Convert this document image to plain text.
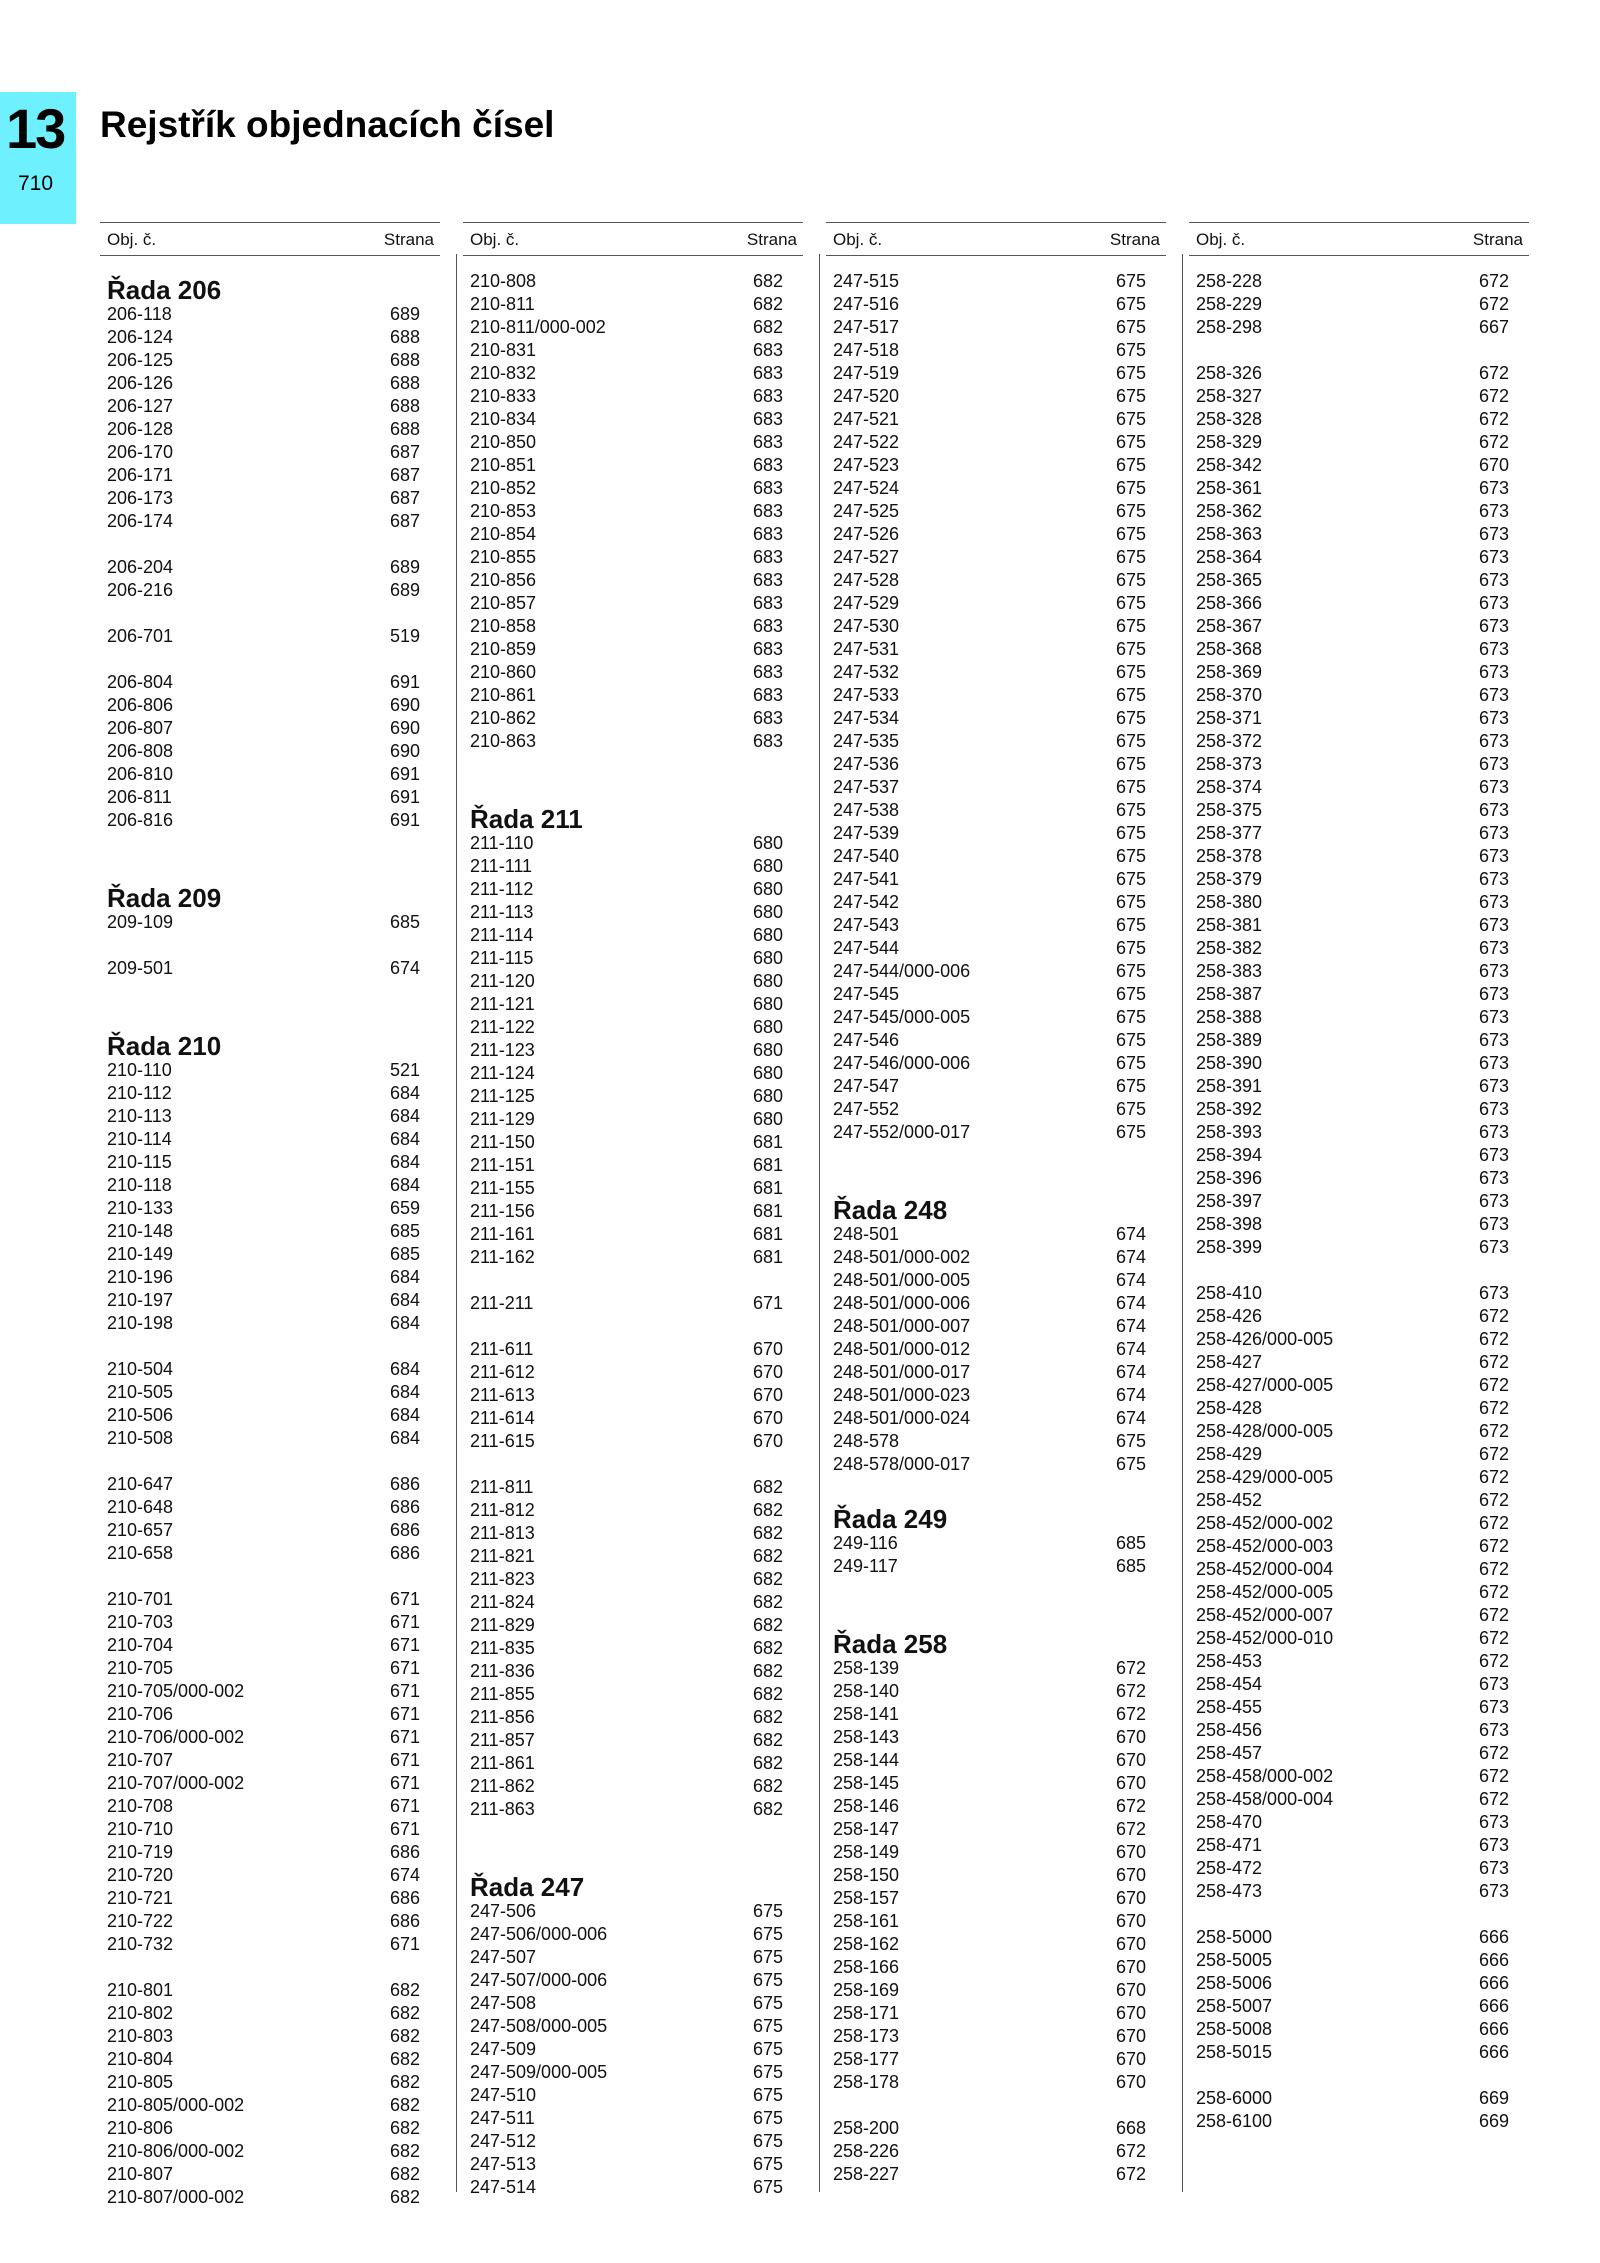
13
710
Rejstřík objednacích čísel
Obj. č.	Strana
Řada 206
206-118	689
206-124	688
206-125	688
206-126	688
206-127	688
206-128	688
206-170	687
206-171	687
206-173	687
206-174	687
206-204	689
206-216	689
206-701	519
206-804	691
206-806	690
206-807	690
206-808	690
206-810	691
206-811	691
206-816	691
Řada 209
209-109	685
209-501	674
Řada 210
210-110	521
210-112	684
210-113	684
210-114	684
210-115	684
210-118	684
210-133	659
210-148	685
210-149	685
210-196	684
210-197	684
210-198	684
210-504	684
210-505	684
210-506	684
210-508	684
210-647	686
210-648	686
210-657	686
210-658	686
210-701	671
210-703	671
210-704	671
210-705	671
210-705/000-002	671
210-706	671
210-706/000-002	671
210-707	671
210-707/000-002	671
210-708	671
210-710	671
210-719	686
210-720	674
210-721	686
210-722	686
210-732	671
210-801	682
210-802	682
210-803	682
210-804	682
210-805	682
210-805/000-002	682
210-806	682
210-806/000-002	682
210-807	682
210-807/000-002	682
Obj. č.	Strana
210-808	682
210-811	682
210-811/000-002	682
210-831	683
210-832	683
210-833	683
210-834	683
210-850	683
210-851	683
210-852	683
210-853	683
210-854	683
210-855	683
210-856	683
210-857	683
210-858	683
210-859	683
210-860	683
210-861	683
210-862	683
210-863	683
Řada 211
211-110	680
211-111	680
211-112	680
211-113	680
211-114	680
211-115	680
211-120	680
211-121	680
211-122	680
211-123	680
211-124	680
211-125	680
211-129	680
211-150	681
211-151	681
211-155	681
211-156	681
211-161	681
211-162	681
211-211	671
211-611	670
211-612	670
211-613	670
211-614	670
211-615	670
211-811	682
211-812	682
211-813	682
211-821	682
211-823	682
211-824	682
211-829	682
211-835	682
211-836	682
211-855	682
211-856	682
211-857	682
211-861	682
211-862	682
211-863	682
Řada 247
247-506	675
247-506/000-006	675
247-507	675
247-507/000-006	675
247-508	675
247-508/000-005	675
247-509	675
247-509/000-005	675
247-510	675
247-511	675
247-512	675
247-513	675
247-514	675
Obj. č.	Strana
247-515	675
247-516	675
247-517	675
247-518	675
247-519	675
247-520	675
247-521	675
247-522	675
247-523	675
247-524	675
247-525	675
247-526	675
247-527	675
247-528	675
247-529	675
247-530	675
247-531	675
247-532	675
247-533	675
247-534	675
247-535	675
247-536	675
247-537	675
247-538	675
247-539	675
247-540	675
247-541	675
247-542	675
247-543	675
247-544	675
247-544/000-006	675
247-545	675
247-545/000-005	675
247-546	675
247-546/000-006	675
247-547	675
247-552	675
247-552/000-017	675
Řada 248
248-501	674
248-501/000-002	674
248-501/000-005	674
248-501/000-006	674
248-501/000-007	674
248-501/000-012	674
248-501/000-017	674
248-501/000-023	674
248-501/000-024	674
248-578	675
248-578/000-017	675
Řada 249
249-116	685
249-117	685
Řada 258
258-139	672
258-140	672
258-141	672
258-143	670
258-144	670
258-145	670
258-146	672
258-147	672
258-149	670
258-150	670
258-157	670
258-161	670
258-162	670
258-166	670
258-169	670
258-171	670
258-173	670
258-177	670
258-178	670
258-200	668
258-226	672
258-227	672
Obj. č.	Strana
258-228	672
258-229	672
258-298	667
258-326	672
258-327	672
258-328	672
258-329	672
258-342	670
258-361	673
258-362	673
258-363	673
258-364	673
258-365	673
258-366	673
258-367	673
258-368	673
258-369	673
258-370	673
258-371	673
258-372	673
258-373	673
258-374	673
258-375	673
258-377	673
258-378	673
258-379	673
258-380	673
258-381	673
258-382	673
258-383	673
258-387	673
258-388	673
258-389	673
258-390	673
258-391	673
258-392	673
258-393	673
258-394	673
258-396	673
258-397	673
258-398	673
258-399	673
258-410	673
258-426	672
258-426/000-005	672
258-427	672
258-427/000-005	672
258-428	672
258-428/000-005	672
258-429	672
258-429/000-005	672
258-452	672
258-452/000-002	672
258-452/000-003	672
258-452/000-004	672
258-452/000-005	672
258-452/000-007	672
258-452/000-010	672
258-453	672
258-454	673
258-455	673
258-456	673
258-457	672
258-458/000-002	672
258-458/000-004	672
258-470	673
258-471	673
258-472	673
258-473	673
258-5000	666
258-5005	666
258-5006	666
258-5007	666
258-5008	666
258-5015	666
258-6000	669
258-6100	669
